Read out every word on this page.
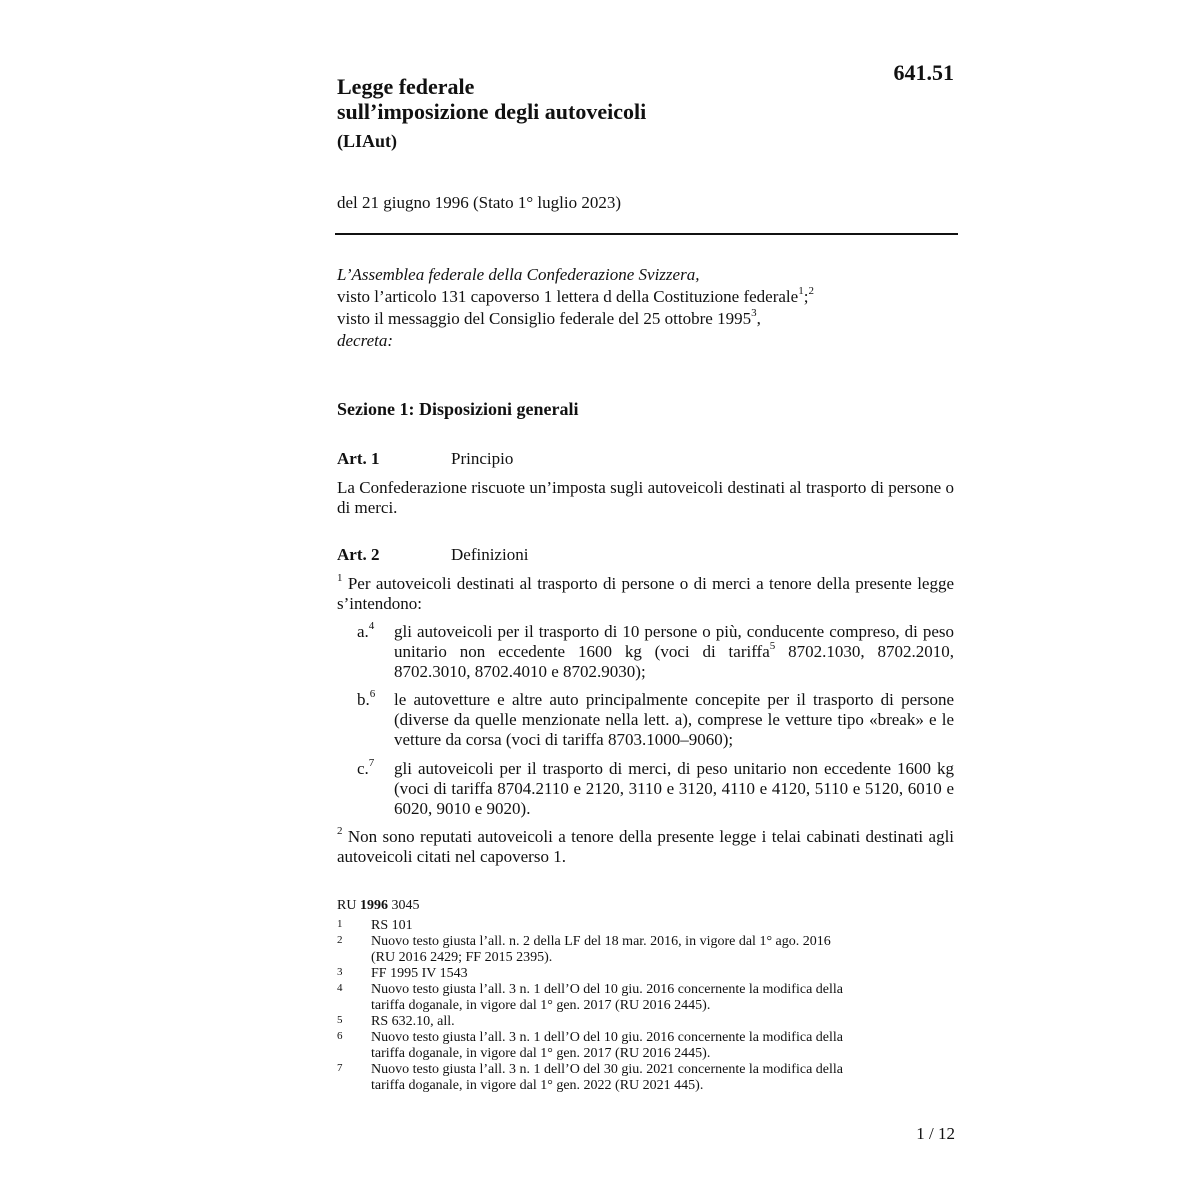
641.51
Legge federale
sull’imposizione degli autoveicoli
(LIAut)
del 21 giugno 1996 (Stato 1° luglio 2023)
L’Assemblea federale della Confederazione Svizzera,
visto l’articolo 131 capoverso 1 lettera d della Costituzione federale$^1$;$^2$
visto il messaggio del Consiglio federale del 25 ottobre 1995$^3$,
decreta:
Sezione 1: Disposizioni generali
Art. 1	Principio
La Confederazione riscuote un’imposta sugli autoveicoli destinati al trasporto di persone o di merci.
Art. 2	Definizioni
$^1$ Per autoveicoli destinati al trasporto di persone o di merci a tenore della presente legge s’intendono:
a.$^4$ gli autoveicoli per il trasporto di 10 persone o più, conducente compreso, di peso unitario non eccedente 1600 kg (voci di tariffa$^5$ 8702.1030, 8702.2010, 8702.3010, 8702.4010 e 8702.9030);
b.$^6$ le autovetture e altre auto principalmente concepite per il trasporto di persone (diverse da quelle menzionate nella lett. a), comprese le vetture tipo «break» e le vetture da corsa (voci di tariffa 8703.1000–9060);
c.$^7$ gli autoveicoli per il trasporto di merci, di peso unitario non eccedente 1600 kg (voci di tariffa 8704.2110 e 2120, 3110 e 3120, 4110 e 4120, 5110 e 5120, 6010 e 6020, 9010 e 9020).
$^2$ Non sono reputati autoveicoli a tenore della presente legge i telai cabinati destinati agli autoveicoli citati nel capoverso 1.
RU 1996 3045
1 RS 101
2 Nuovo testo giusta l’all. n. 2 della LF del 18 mar. 2016, in vigore dal 1° ago. 2016
(RU 2016 2429; FF 2015 2395).
3 FF 1995 IV 1543
4 Nuovo testo giusta l’all. 3 n. 1 dell’O del 10 giu. 2016 concernente la modifica della
tariffa doganale, in vigore dal 1° gen. 2017 (RU 2016 2445).
5 RS 632.10, all.
6 Nuovo testo giusta l’all. 3 n. 1 dell’O del 10 giu. 2016 concernente la modifica della
tariffa doganale, in vigore dal 1° gen. 2017 (RU 2016 2445).
7 Nuovo testo giusta l’all. 3 n. 1 dell’O del 30 giu. 2021 concernente la modifica della
tariffa doganale, in vigore dal 1° gen. 2022 (RU 2021 445).
1 / 12
